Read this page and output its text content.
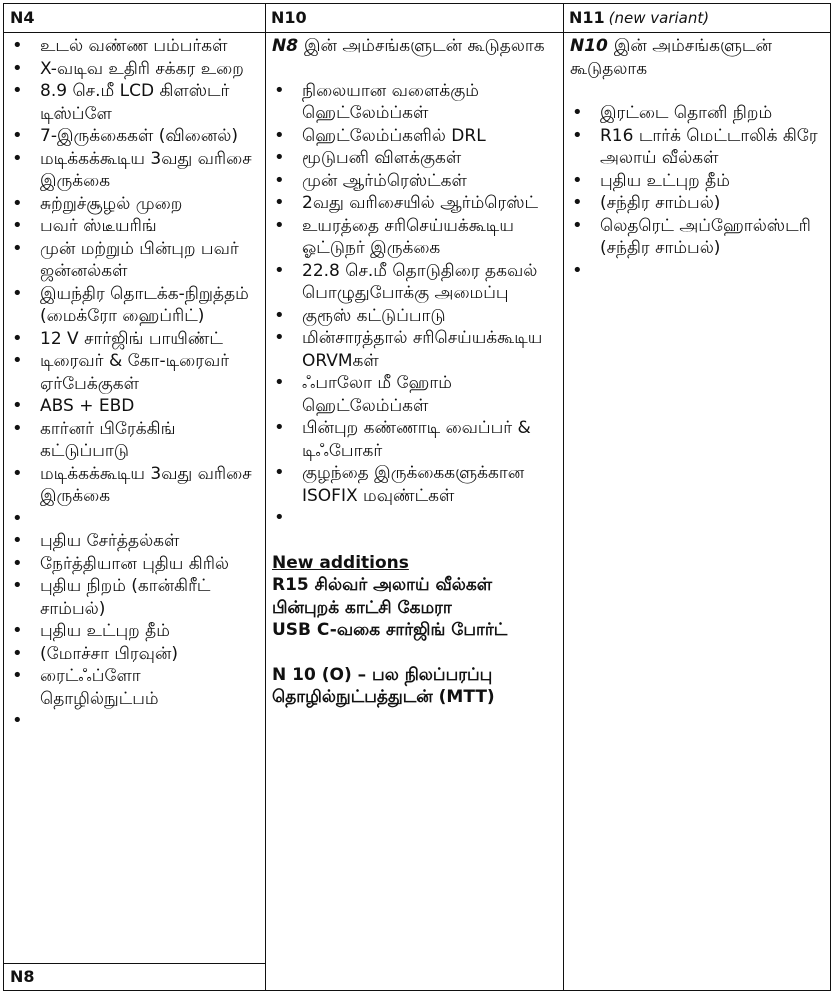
N4	N10	N11 (new variant)
• உடல் வண்ண பம்பர்கள்
• X-வடிவ உதிரி சக்கர உறை
• 8.9 செ.மீ LCD கிளஸ்டர் டிஸ்ப்ளே
• 7-இருக்கைகள் (வினைல்)
• மடிக்கக்கூடிய 3வது வரிசை இருக்கை
• சுற்றுச்சூழல் முறை
• பவர் ஸ்டீயரிங்
• முன் மற்றும் பின்புற பவர் ஜன்னல்கள்
• இயந்திர தொடக்க-நிறுத்தம் (மைக்ரோ ஹைப்ரிட்)
• 12 V சார்ஜிங் பாயிண்ட்
• டிரைவர் & கோ-டிரைவர் ஏர்பேக்குகள்
• ABS + EBD
• கார்னர் பிரேக்கிங் கட்டுப்பாடு
• மடிக்கக்கூடிய 3வது வரிசை இருக்கை
•
• புதிய சேர்த்தல்கள்
• நேர்த்தியான புதிய கிரில்
• புதிய நிறம் (கான்கிரீட் சாம்பல்)
• புதிய உட்புற தீம்
• (மோச்சா பிரவுன்)
• ரைட்ஃப்ளோ தொழில்நுட்பம்
•
N8
N8 இன் அம்சங்களுடன் கூடுதலாக
• நிலையான வளைக்கும் ஹெட்லேம்ப்கள்
• ஹெட்லேம்ப்களில் DRL
• மூடுபனி விளக்குகள்
• முன் ஆர்ம்ரெஸ்ட்கள்
• 2வது வரிசையில் ஆர்ம்ரெஸ்ட்
• உயரத்தை சரிசெய்யக்கூடிய ஓட்டுநர் இருக்கை
• 22.8 செ.மீ தொடுதிரை தகவல் பொழுதுபோக்கு அமைப்பு
• குரூஸ் கட்டுப்பாடு
• மின்சாரத்தால் சரிசெய்யக்கூடிய ORVMகள்
• ஃபாலோ மீ ஹோம் ஹெட்லேம்ப்கள்
• பின்புற கண்ணாடி வைப்பர் & டிஃபோகர்
• குழந்தை இருக்கைகளுக்கான ISOFIX மவுண்ட்கள்
•
New additions
R15 சில்வர் அலாய் வீல்கள்
பின்புறக் காட்சி கேமரா
USB C-வகை சார்ஜிங் போர்ட்
N 10 (O) – பல நிலப்பரப்பு
தொழில்நுட்பத்துடன் (MTT)
N10 இன் அம்சங்களுடன் கூடுதலாக
• இரட்டை தொனி நிறம்
• R16 டார்க் மெட்டாலிக் கிரே அலாய் வீல்கள்
• புதிய உட்புற தீம்
• (சந்திர சாம்பல்)
• லெதரெட் அப்ஹோல்ஸ்டரி (சந்திர சாம்பல்)
•
